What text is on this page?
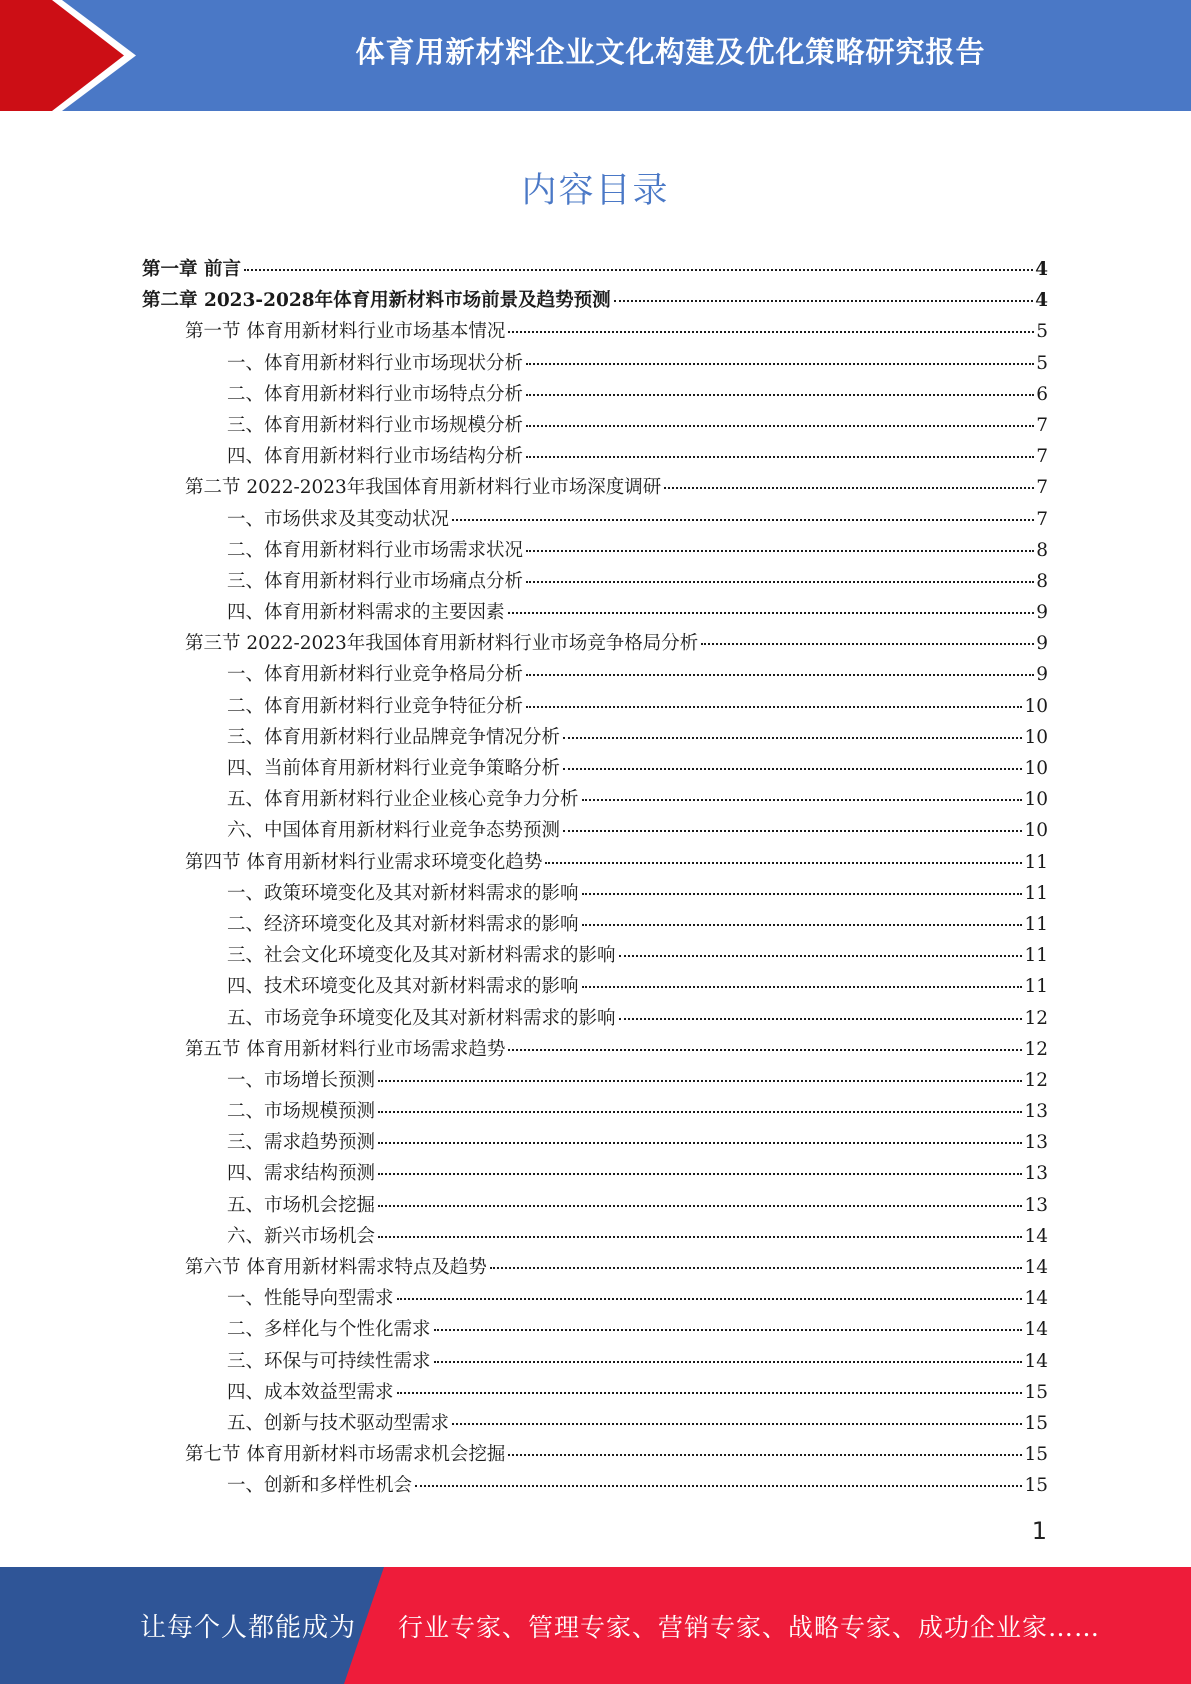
体育用新材料企业文化构建及优化策略研究报告
内容目录
第一章 前言	4
第二章 2023-2028年体育用新材料市场前景及趋势预测	4
第一节 体育用新材料行业市场基本情况	5
一、体育用新材料行业市场现状分析	5
二、体育用新材料行业市场特点分析	6
三、体育用新材料行业市场规模分析	7
四、体育用新材料行业市场结构分析	7
第二节 2022-2023年我国体育用新材料行业市场深度调研	7
一、市场供求及其变动状况	7
二、体育用新材料行业市场需求状况	8
三、体育用新材料行业市场痛点分析	8
四、体育用新材料需求的主要因素	9
第三节 2022-2023年我国体育用新材料行业市场竞争格局分析	9
一、体育用新材料行业竞争格局分析	9
二、体育用新材料行业竞争特征分析	10
三、体育用新材料行业品牌竞争情况分析	10
四、当前体育用新材料行业竞争策略分析	10
五、体育用新材料行业企业核心竞争力分析	10
六、中国体育用新材料行业竞争态势预测	10
第四节 体育用新材料行业需求环境变化趋势	11
一、政策环境变化及其对新材料需求的影响	11
二、经济环境变化及其对新材料需求的影响	11
三、社会文化环境变化及其对新材料需求的影响	11
四、技术环境变化及其对新材料需求的影响	11
五、市场竞争环境变化及其对新材料需求的影响	12
第五节 体育用新材料行业市场需求趋势	12
一、市场增长预测	12
二、市场规模预测	13
三、需求趋势预测	13
四、需求结构预测	13
五、市场机会挖掘	13
六、新兴市场机会	14
第六节 体育用新材料需求特点及趋势	14
一、性能导向型需求	14
二、多样化与个性化需求	14
三、环保与可持续性需求	14
四、成本效益型需求	15
五、创新与技术驱动型需求	15
第七节 体育用新材料市场需求机会挖掘	15
一、创新和多样性机会	15
1
让每个人都能成为 行业专家、管理专家、营销专家、战略专家、成功企业家……
